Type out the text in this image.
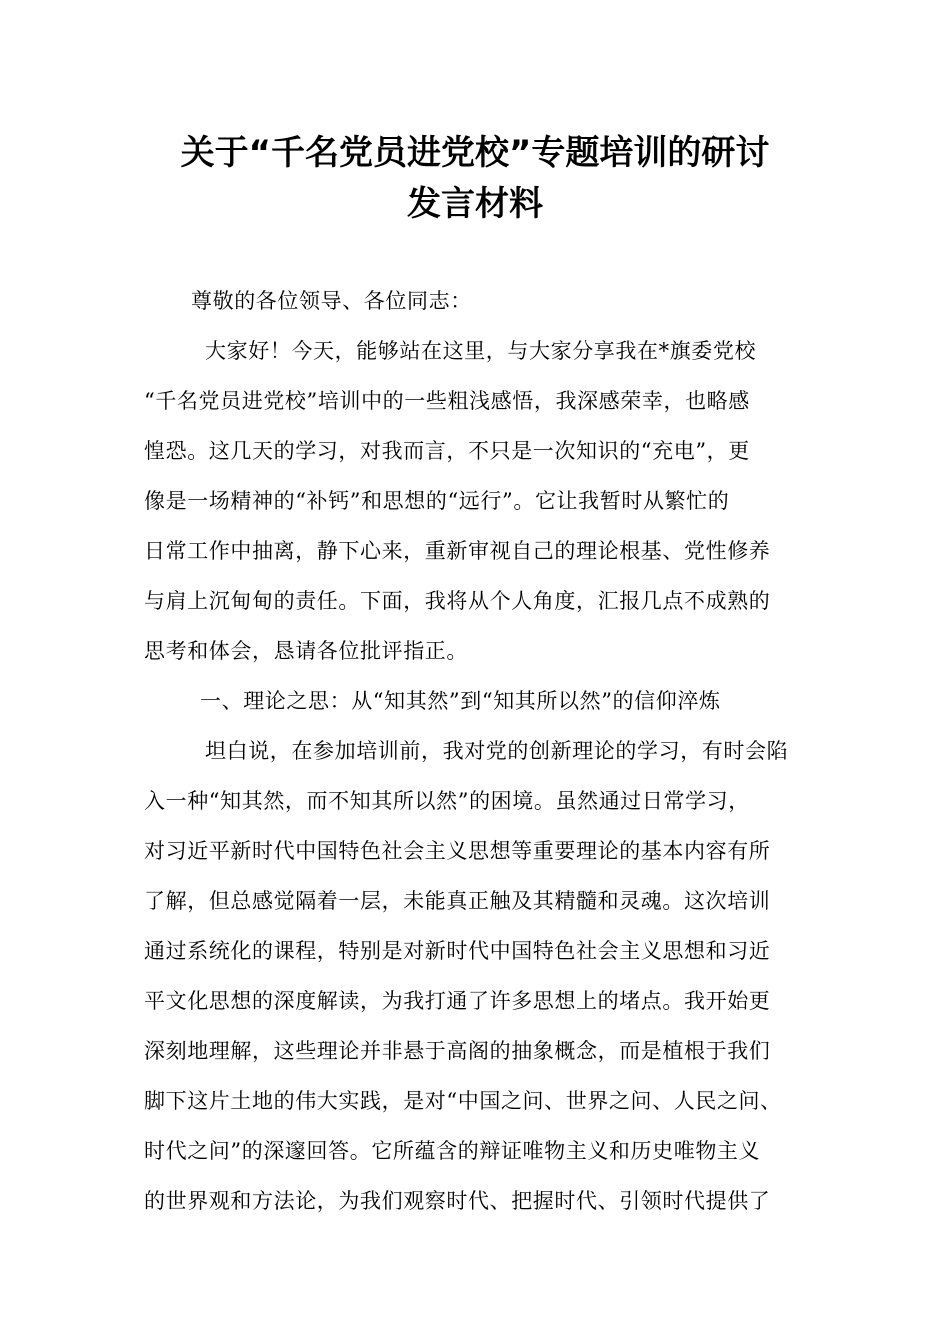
关于“千名党员进党校”专题培训的研讨
发言材料

尊敬的各位领导、各位同志：

大家好！今天，能够站在这里，与大家分享我在*旗委党校

“千名党员进党校”培训中的一些粗浅感悟，我深感荣幸，也略感

惶恐。这几天的学习，对我而言，不只是一次知识的“充电”，更

像是一场精神的“补钙”和思想的“远行”。它让我暂时从繁忙的

日常工作中抽离，静下心来，重新审视自己的理论根基、党性修养

与肩上沉甸甸的责任。下面，我将从个人角度，汇报几点不成熟的

思考和体会，恳请各位批评指正。

一、理论之思：从“知其然”到“知其所以然”的信仰淬炼

坦白说，在参加培训前，我对党的创新理论的学习，有时会陷

入一种“知其然，而不知其所以然”的困境。虽然通过日常学习，

对习近平新时代中国特色社会主义思想等重要理论的基本内容有所

了解，但总感觉隔着一层，未能真正触及其精髓和灵魂。这次培训

通过系统化的课程，特别是对新时代中国特色社会主义思想和习近

平文化思想的深度解读，为我打通了许多思想上的堵点。我开始更

深刻地理解，这些理论并非悬于高阁的抽象概念，而是植根于我们

脚下这片土地的伟大实践，是对“中国之问、世界之问、人民之问、

时代之问”的深邃回答。它所蕴含的辩证唯物主义和历史唯物主义

的世界观和方法论，为我们观察时代、把握时代、引领时代提供了
